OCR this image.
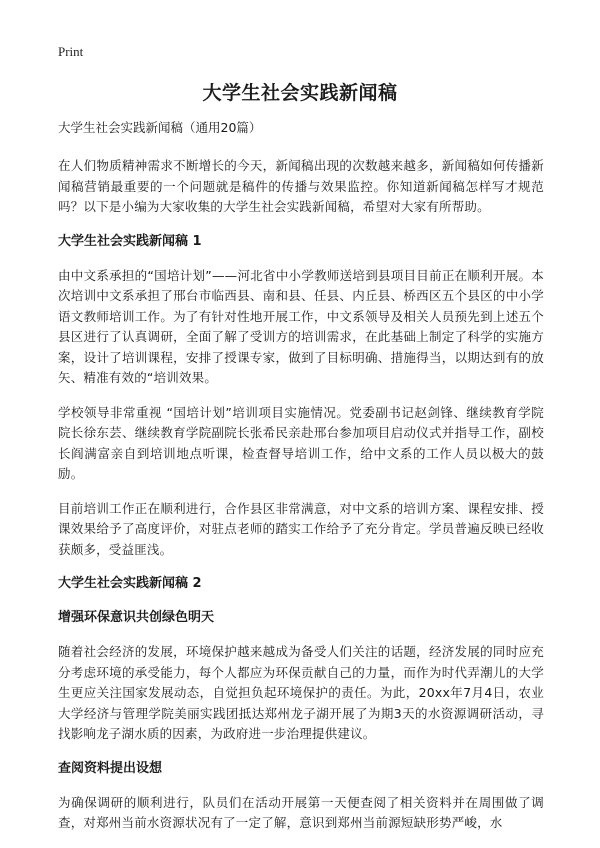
Print
大学生社会实践新闻稿
大学生社会实践新闻稿（通用20篇）

在人们物质精神需求不断增长的今天，新闻稿出现的次数越来越多，新闻稿如何传播新闻稿营销最重要的一个问题就是稿件的传播与效果监控。你知道新闻稿怎样写才规范吗？以下是小编为大家收集的大学生社会实践新闻稿，希望对大家有所帮助。

大学生社会实践新闻稿 1

由中文系承担的“国培计划”——河北省中小学教师送培到县项目目前正在顺利开展。本次培训中文系承担了邢台市临西县、南和县、任县、内丘县、桥西区五个县区的中小学语文教师培训工作。为了有针对性地开展工作，中文系领导及相关人员预先到上述五个县区进行了认真调研，全面了解了受训方的培训需求，在此基础上制定了科学的实施方案，设计了培训课程，安排了授课专家，做到了目标明确、措施得当，以期达到有的放矢、精准有效的“培训效果。

学校领导非常重视 “国培计划”培训项目实施情况。党委副书记赵剑锋、继续教育学院院长徐东芸、继续教育学院副院长张希民亲赴邢台参加项目启动仪式并指导工作，副校长阎满富亲自到培训地点听课，检查督导培训工作，给中文系的工作人员以极大的鼓励。

目前培训工作正在顺利进行，合作县区非常满意，对中文系的培训方案、课程安排、授课效果给予了高度评价，对驻点老师的踏实工作给予了充分肯定。学员普遍反映已经收获颇多，受益匪浅。

大学生社会实践新闻稿 2
增强环保意识共创绿色明天

随着社会经济的发展，环境保护越来越成为备受人们关注的话题，经济发展的同时应充分考虑环境的承受能力，每个人都应为环保贡献自己的力量，而作为时代弄潮儿的大学生更应关注国家发展动态，自觉担负起环境保护的责任。为此，20xx年7月4日，农业大学经济与管理学院美丽实践团抵达郑州龙子湖开展了为期3天的水资源调研活动，寻找影响龙子湖水质的因素，为政府进一步治理提供建议。

查阅资料提出设想

为确保调研的顺利进行，队员们在活动开展第一天便查阅了相关资料并在周围做了调查，对郑州当前水资源状况有了一定了解，意识到郑州当前源短缺形势严峻，水
